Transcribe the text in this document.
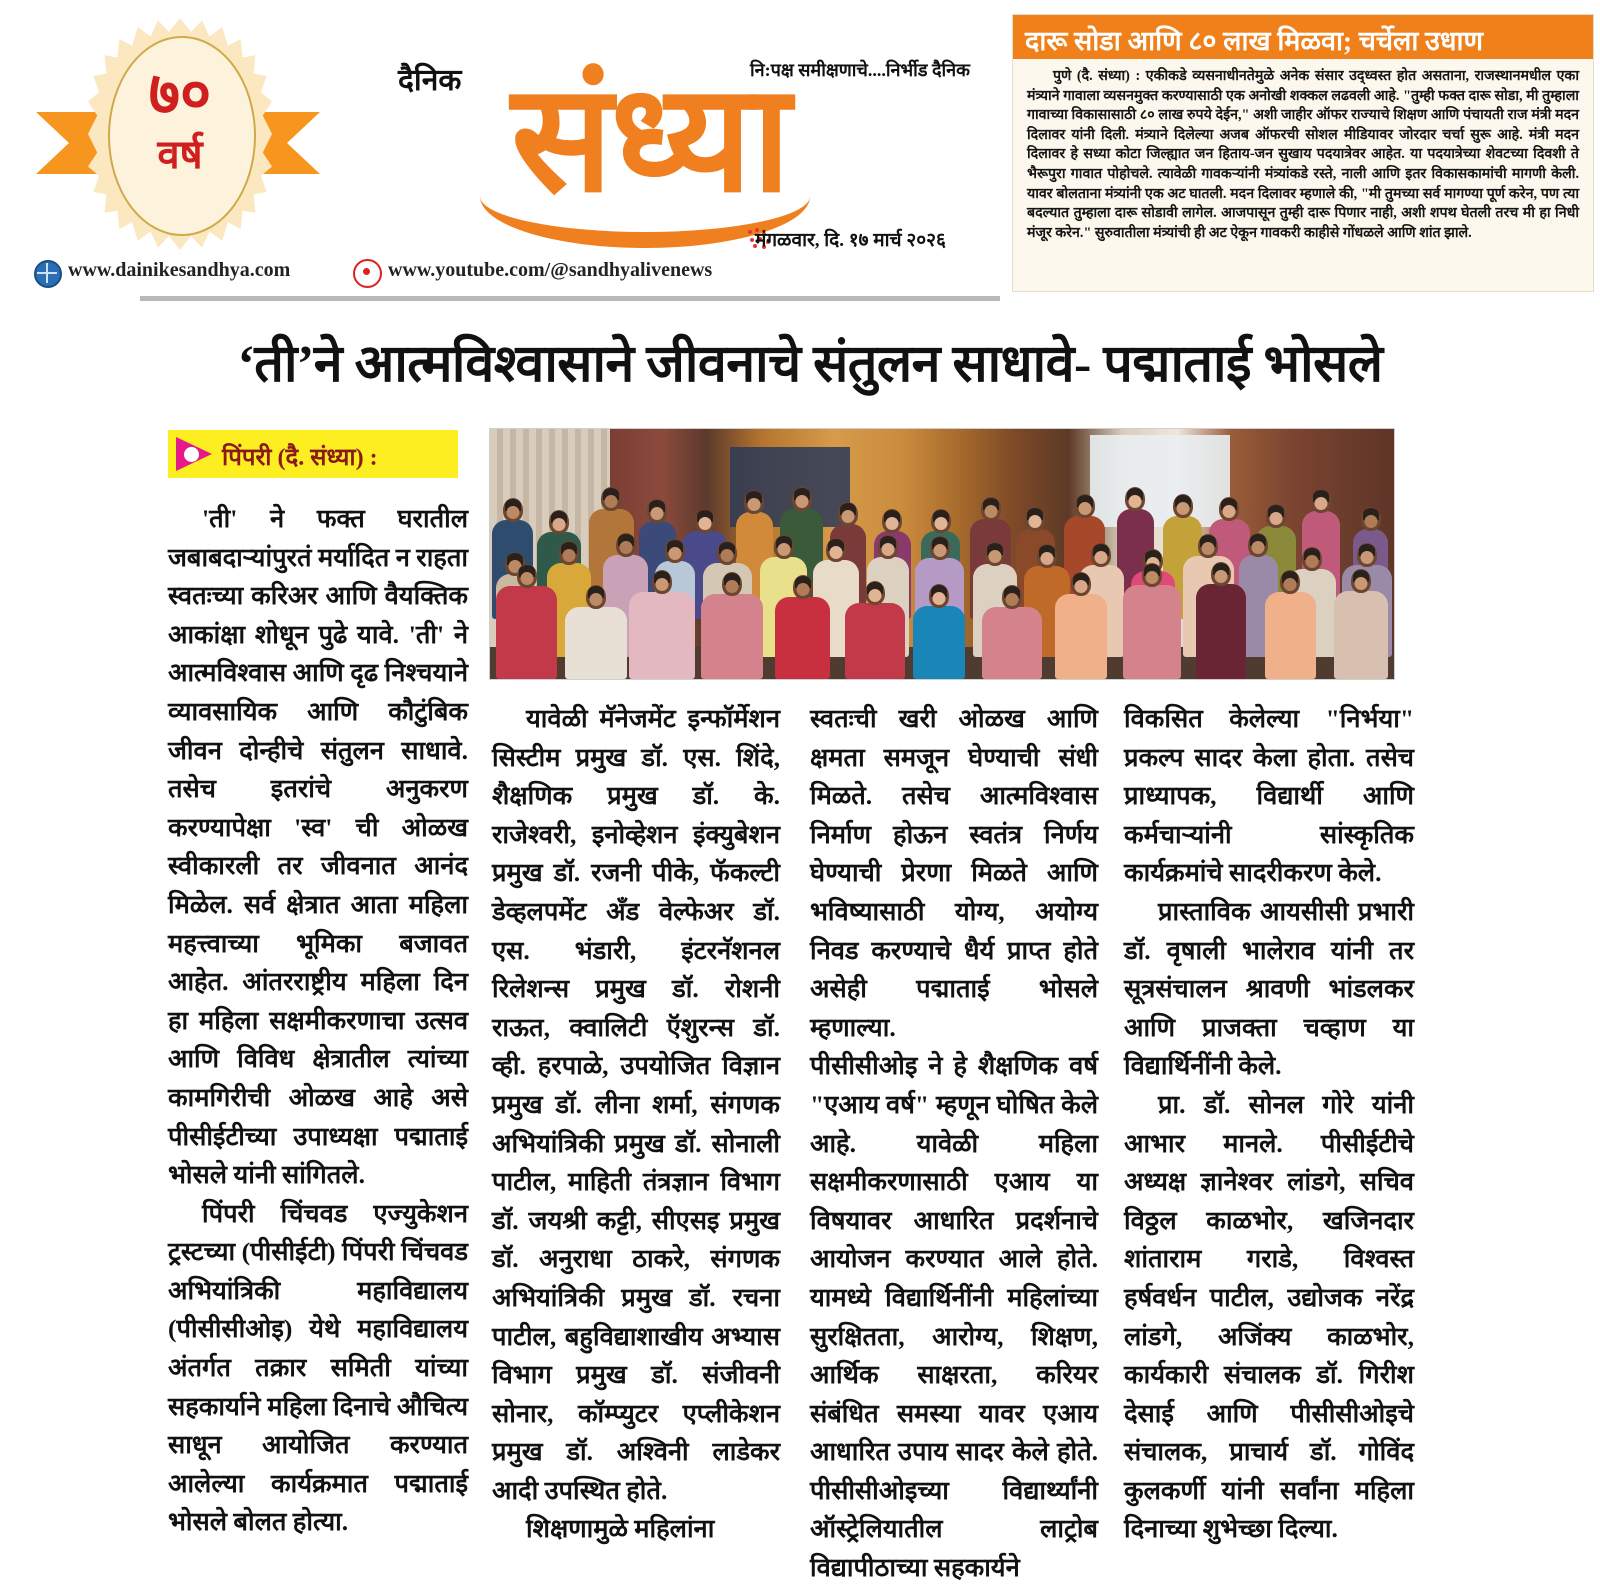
७०
वर्ष
दैनिक संध्या
नि:पक्ष समीक्षणाचे....निर्भीड दैनिक
मंगळवार, दि. १७ मार्च २०२६
www.dainikesandhya.com	www.youtube.com/@sandhyalivenews
दारू सोडा आणि ८० लाख मिळवा; चर्चेला उधाण
पुणे (दै. संध्या) : एकीकडे व्यसनाधीनतेमुळे अनेक संसार उद्ध्वस्त होत असताना, राजस्थानमधील एका मंत्र्याने गावाला व्यसनमुक्त करण्यासाठी एक अनोखी शक्कल लढवली आहे. "तुम्ही फक्त दारू सोडा, मी तुम्हाला गावाच्या विकासासाठी ८० लाख रुपये देईन," अशी जाहीर ऑफर राज्याचे शिक्षण आणि पंचायती राज मंत्री मदन दिलावर यांनी दिली. मंत्र्याने दिलेल्या अजब ऑफरची सोशल मीडियावर जोरदार चर्चा सुरू आहे. मंत्री मदन दिलावर हे सध्या कोटा जिल्ह्यात जन हिताय-जन सुखाय पदयात्रेवर आहेत. या पदयात्रेच्या शेवटच्या दिवशी ते भैरूपुरा गावात पोहोचले. त्यावेळी गावकऱ्यांनी मंत्र्यांकडे रस्ते, नाली आणि इतर विकासकामांची मागणी केली. यावर बोलताना मंत्र्यांनी एक अट घातली. मदन दिलावर म्हणाले की, "मी तुमच्या सर्व मागण्या पूर्ण करेन, पण त्या बदल्यात तुम्हाला दारू सोडावी लागेल. आजपासून तुम्ही दारू पिणार नाही, अशी शपथ घेतली तरच मी हा निधी मंजूर करेन." सुरुवातीला मंत्र्यांची ही अट ऐकून गावकरी काहीसे गोंधळले आणि शांत झाले.
‘ती’ने आत्मविश्वासाने जीवनाचे संतुलन साधावे- पद्माताई भोसले
पिंपरी (दै. संध्या) :

'ती' ने फक्त घरातील जबाबदाऱ्यांपुरतं मर्यादित न राहता स्वतःच्या करिअर आणि वैयक्तिक आकांक्षा शोधून पुढे यावे. 'ती' ने आत्मविश्वास आणि दृढ निश्चयाने व्यावसायिक आणि कौटुंबिक जीवन दोन्हीचे संतुलन साधावे. तसेच इतरांचे अनुकरण करण्यापेक्षा 'स्व' ची ओळख स्वीकारली तर जीवनात आनंद मिळेल. सर्व क्षेत्रात आता महिला महत्त्वाच्या भूमिका बजावत आहेत. आंतरराष्ट्रीय महिला दिन हा महिला सक्षमीकरणाचा उत्सव आणि विविध क्षेत्रातील त्यांच्या कामगिरीची ओळख आहे असे पीसीईटीच्या उपाध्यक्षा पद्माताई भोसले यांनी सांगितले.

पिंपरी चिंचवड एज्युकेशन ट्रस्टच्या (पीसीईटी) पिंपरी चिंचवड अभियांत्रिकी महाविद्यालय (पीसीसीओइ) येथे महाविद्यालय अंतर्गत तक्रार समिती यांच्या सहकार्याने महिला दिनाचे औचित्य साधून आयोजित करण्यात आलेल्या कार्यक्रमात पद्माताई भोसले बोलत होत्या.

यावेळी मॅनेजमेंट इन्फॉर्मेशन सिस्टीम प्रमुख डॉ. एस. शिंदे, शैक्षणिक प्रमुख डॉ. के. राजेश्वरी, इनोव्हेशन इंक्युबेशन प्रमुख डॉ. रजनी पीके, फॅकल्टी डेव्हलपमेंट अँड वेल्फेअर डॉ. एस. भंडारी, इंटरनॅशनल रिलेशन्स प्रमुख डॉ. रोशनी राऊत, क्वालिटी ऍशुरन्स डॉ. व्ही. हरपाळे, उपयोजित विज्ञान प्रमुख डॉ. लीना शर्मा, संगणक अभियांत्रिकी प्रमुख डॉ. सोनाली पाटील, माहिती तंत्रज्ञान विभाग डॉ. जयश्री कट्टी, सीएसइ प्रमुख डॉ. अनुराधा ठाकरे, संगणक अभियांत्रिकी प्रमुख डॉ. रचना पाटील, बहुविद्याशाखीय अभ्यास विभाग प्रमुख डॉ. संजीवनी सोनार, कॉम्प्युटर एप्लीकेशन प्रमुख डॉ. अश्विनी लाडेकर आदी उपस्थित होते.

शिक्षणामुळे महिलांना

स्वतःची खरी ओळख आणि क्षमता समजून घेण्याची संधी मिळते. तसेच आत्मविश्वास निर्माण होऊन स्वतंत्र निर्णय घेण्याची प्रेरणा मिळते आणि भविष्यासाठी योग्य, अयोग्य निवड करण्याचे धैर्य प्राप्त होते असेही पद्माताई भोसले म्हणाल्या.

पीसीसीओइ ने हे शैक्षणिक वर्ष "एआय वर्ष" म्हणून घोषित केले आहे. यावेळी महिला सक्षमीकरणासाठी एआय या विषयावर आधारित प्रदर्शनाचे आयोजन करण्यात आले होते. यामध्ये विद्यार्थिनींनी महिलांच्या सुरक्षितता, आरोग्य, शिक्षण, आर्थिक साक्षरता, करियर संबंधित समस्या यावर एआय आधारित उपाय सादर केले होते. पीसीसीओइच्या विद्यार्थ्यांनी ऑस्ट्रेलियातील लाट्रोब विद्यापीठाच्या सहकार्यने

विकसित केलेल्या "निर्भया" प्रकल्प सादर केला होता. तसेच प्राध्यापक, विद्यार्थी आणि कर्मचाऱ्यांनी सांस्कृतिक कार्यक्रमांचे सादरीकरण केले.

प्रास्ताविक आयसीसी प्रभारी डॉ. वृषाली भालेराव यांनी तर सूत्रसंचालन श्रावणी भांडलकर आणि प्राजक्ता चव्हाण या विद्यार्थिनींनी केले.

प्रा. डॉ. सोनल गोरे यांनी आभार मानले. पीसीईटीचे अध्यक्ष ज्ञानेश्वर लांडगे, सचिव विठ्ठल काळभोर, खजिनदार शांताराम गराडे, विश्वस्त हर्षवर्धन पाटील, उद्योजक नरेंद्र लांडगे, अजिंक्य काळभोर, कार्यकारी संचालक डॉ. गिरीश देसाई आणि पीसीसीओइचे संचालक, प्राचार्य डॉ. गोविंद कुलकर्णी यांनी सर्वांना महिला दिनाच्या शुभेच्छा दिल्या.
